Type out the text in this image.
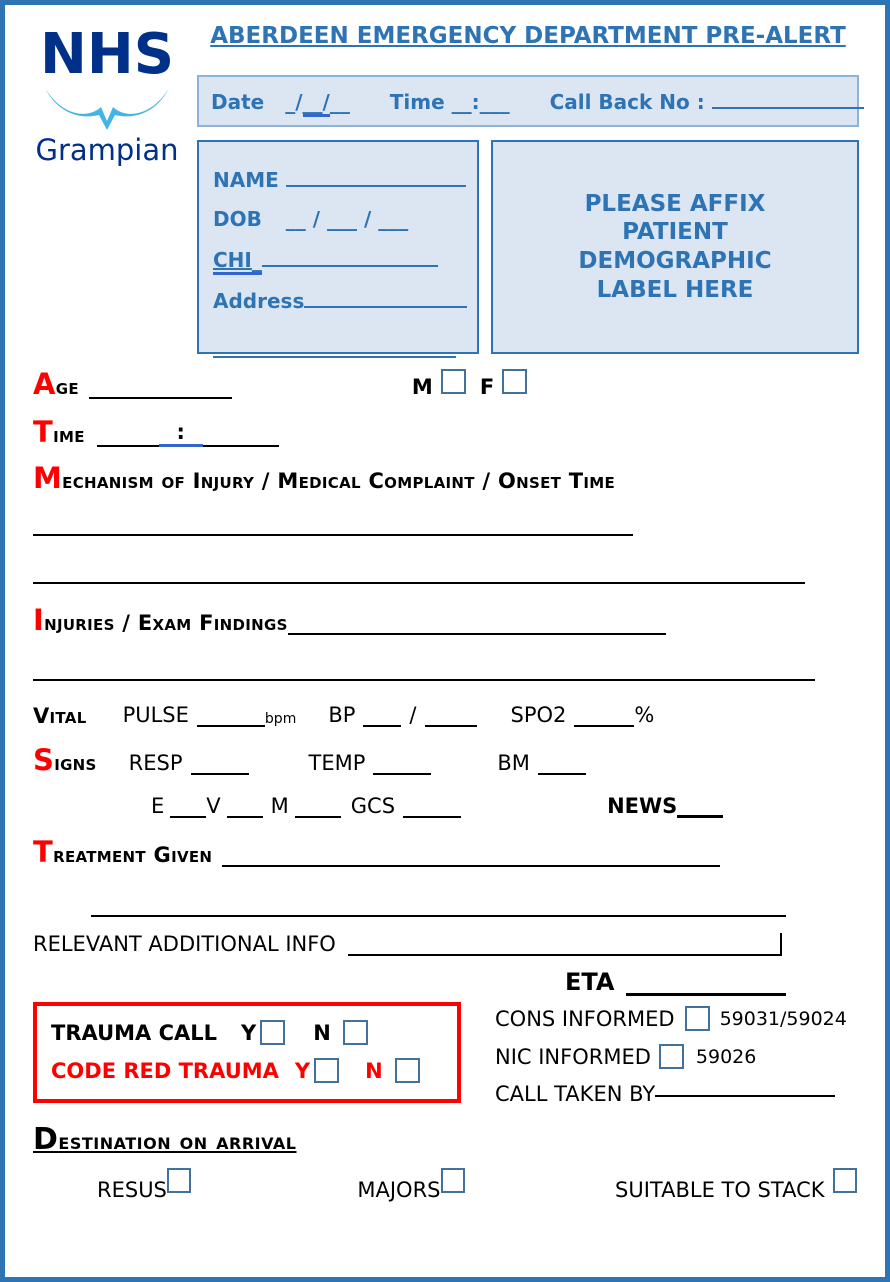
NHS
Grampian
ABERDEEN EMERGENCY DEPARTMENT PRE-ALERT
Date _/__/__ Time __:___ Call Back No :
NAME
DOB __ / ___ / ___
CHI_
Address
PLEASE AFFIX PATIENT DEMOGRAPHIC LABEL HERE
Age	M F
Time	:
Mechanism of Injury / Medical Complaint / Onset Time
Injuries / Exam Findings
Vital PULSE	bpm BP	/	SPO2	%
Signs RESP	TEMP	BM
E V M	GCS	NEWS
Treatment Given
RELEVANT ADDITIONAL INFO
ETA
TRAUMA CALL Y	N
CODE RED TRAUMA Y	N
CONS INFORMED 59031/59024
NIC INFORMED 59026
CALL TAKEN BY
Destination on arrival
RESUS	MAJORS	SUITABLE TO STACK
